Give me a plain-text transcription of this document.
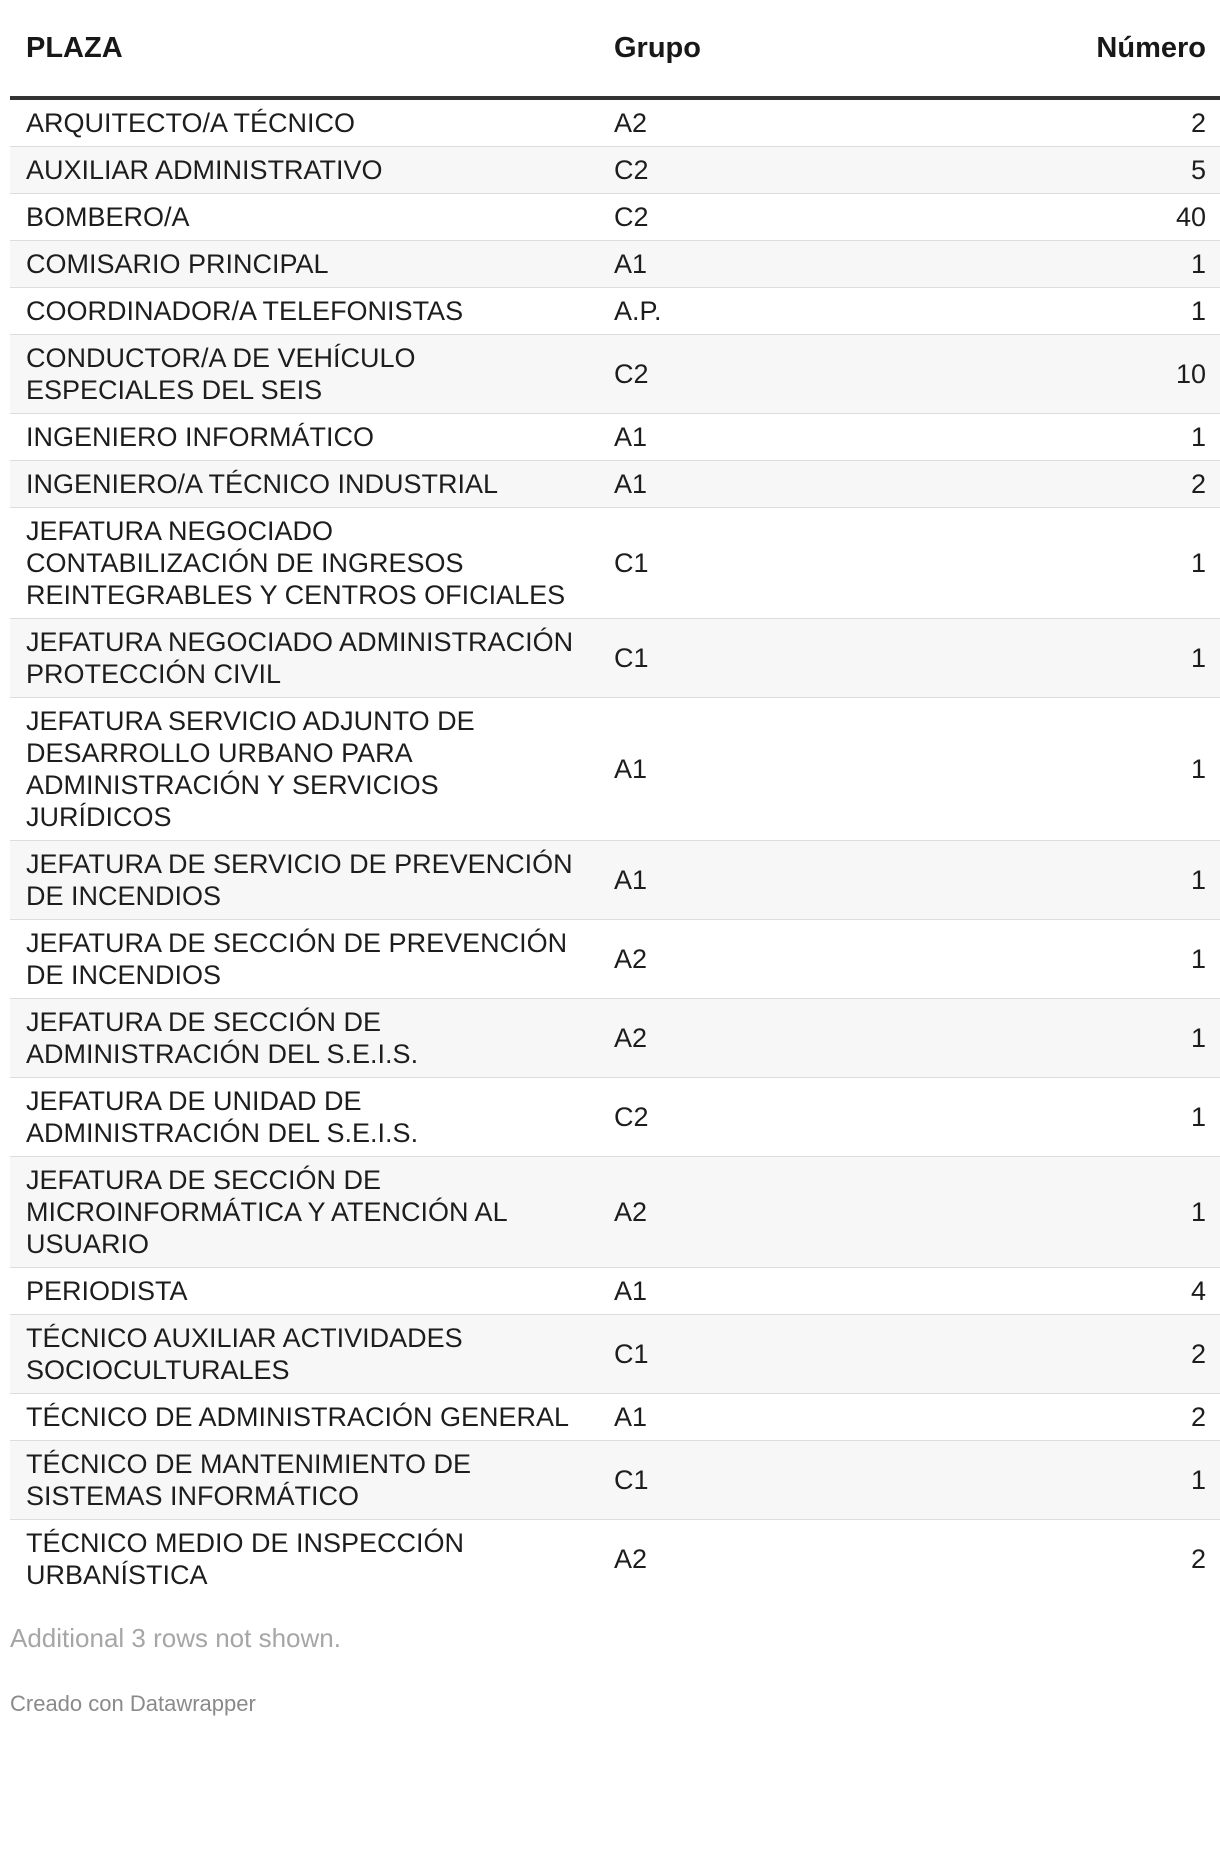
PLAZA	Grupo	Número
ARQUITECTO/A TÉCNICO	A2	2
AUXILIAR ADMINISTRATIVO	C2	5
BOMBERO/A	C2	40
COMISARIO PRINCIPAL	A1	1
COORDINADOR/A TELEFONISTAS	A.P.	1
CONDUCTOR/A DE VEHÍCULO ESPECIALES DEL SEIS	C2	10
INGENIERO INFORMÁTICO	A1	1
INGENIERO/A TÉCNICO INDUSTRIAL	A1	2
JEFATURA NEGOCIADO CONTABILIZACIÓN DE INGRESOS REINTEGRABLES Y CENTROS OFICIALES	C1	1
JEFATURA NEGOCIADO ADMINISTRACIÓN PROTECCIÓN CIVIL	C1	1
JEFATURA SERVICIO ADJUNTO DE DESARROLLO URBANO PARA ADMINISTRACIÓN Y SERVICIOS JURÍDICOS	A1	1
JEFATURA DE SERVICIO DE PREVENCIÓN DE INCENDIOS	A1	1
JEFATURA DE SECCIÓN DE PREVENCIÓN DE INCENDIOS	A2	1
JEFATURA DE SECCIÓN DE ADMINISTRACIÓN DEL S.E.I.S.	A2	1
JEFATURA DE UNIDAD DE ADMINISTRACIÓN DEL S.E.I.S.	C2	1
JEFATURA DE SECCIÓN DE MICROINFORMÁTICA Y ATENCIÓN AL USUARIO	A2	1
PERIODISTA	A1	4
TÉCNICO AUXILIAR ACTIVIDADES SOCIOCULTURALES	C1	2
TÉCNICO DE ADMINISTRACIÓN GENERAL	A1	2
TÉCNICO DE MANTENIMIENTO DE SISTEMAS INFORMÁTICO	C1	1
TÉCNICO MEDIO DE INSPECCIÓN URBANÍSTICA	A2	2
Additional 3 rows not shown.
Creado con Datawrapper
